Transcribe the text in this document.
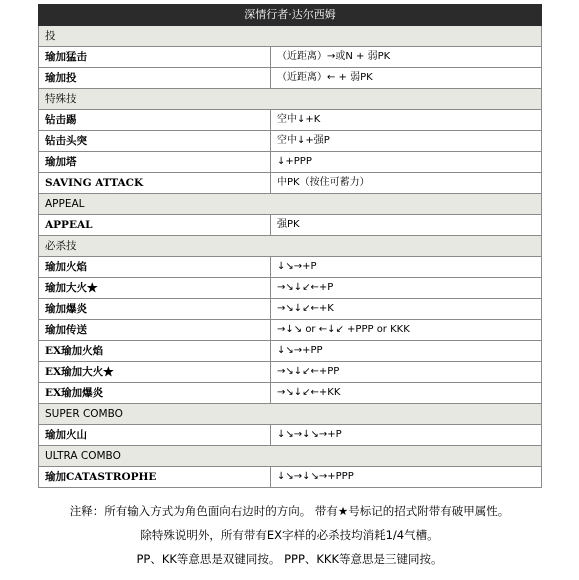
深情行者·达尔西姆	
投	
瑜加猛击	（近距离）→或N + 弱PK
瑜加投	（近距离）← + 弱PK
特殊技	
钻击踢	空中↓+K
钻击头突	空中↓+强P
瑜加塔	↓+PPP
SAVING ATTACK	中PK（按住可蓄力）
APPEAL	
APPEAL	强PK
必杀技	
瑜加火焰	↓↘→+P
瑜加大火★	→↘↓↙←+P
瑜加爆炎	→↘↓↙←+K
瑜加传送	→↓↘ or ←↓↙ +PPP or KKK
EX瑜加火焰	↓↘→+PP
EX瑜加大火★	→↘↓↙←+PP
EX瑜加爆炎	→↘↓↙←+KK
SUPER COMBO	
瑜加火山	↓↘→↓↘→+P
ULTRA COMBO	
瑜加CATASTROPHE	↓↘→↓↘→+PPP
注释：所有输入方式为角色面向右边时的方向。 带有★号标记的招式附带有破甲属性。
除特殊说明外，所有带有EX字样的必杀技均消耗1/4气槽。
PP、KK等意思是双键同按。 PPP、KKK等意思是三键同按。
